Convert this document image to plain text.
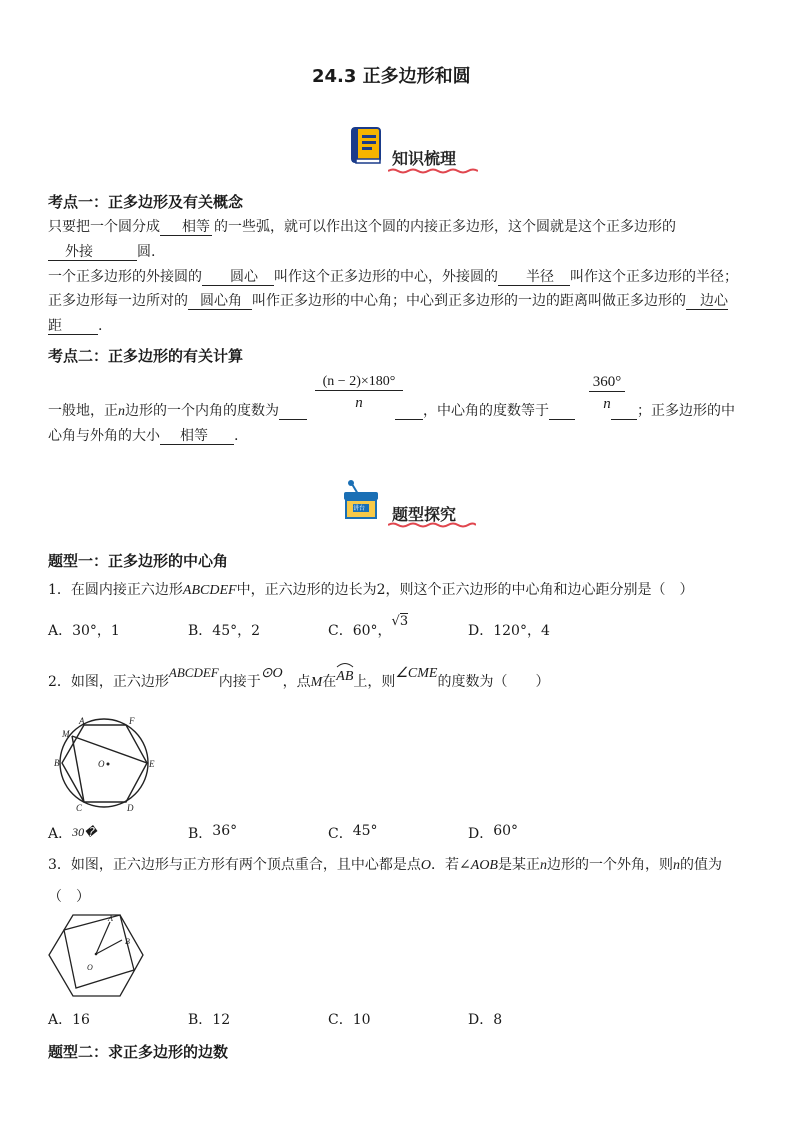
24.3 正多边形和圆
知识梳理
考点一：正多边形及有关概念
只要把一个圆分成 相等 的一些弧，就可以作出这个圆的内接正多边形，这个圆就是这个正多边形的
外接	圆.
一个正多边形的外接圆的 圆心 叫作这个正多边形的中心，外接圆的 半径 叫作这个正多边形的半径；
正多边形每一边所对的 圆心角 叫作正多边形的中心角；中心到正多边形的一边的距离叫做正多边形的 边心
距	.
考点二：正多边形的有关计算
$\frac{(n - 2)\times 180^\circ}{n}$	$\frac{360^\circ}{n}$
一般地，正n边形的一个内角的度数为	，中心角的度数等于	；正多边形的中
心角与外角的大小 相等 .
讲台 题型探究
题型一：正多边形的中心角
1．在圆内接正六边形ABCDEF中，正六边形的边长为2，则这个正六边形的中心角和边心距分别是（　）
A．30°，1	B．45°，2	C．60°，√3
D．120°，4
2．如图，正六边形ABCDEF内接于⊙O，点M在
AB上，则∠CME的度数为（　　）
A	F
M
B	O	E
C	D
A．30�	B．36°	C．45°	D．60°
3．如图，正六边形与正方形有两个顶点重合，且中心都是点O．若∠AOB是某正n边形的一个外角，则n的值为
（　）
A
B
O
A．16	B．12	C．10	D．8
题型二：求正多边形的边数
